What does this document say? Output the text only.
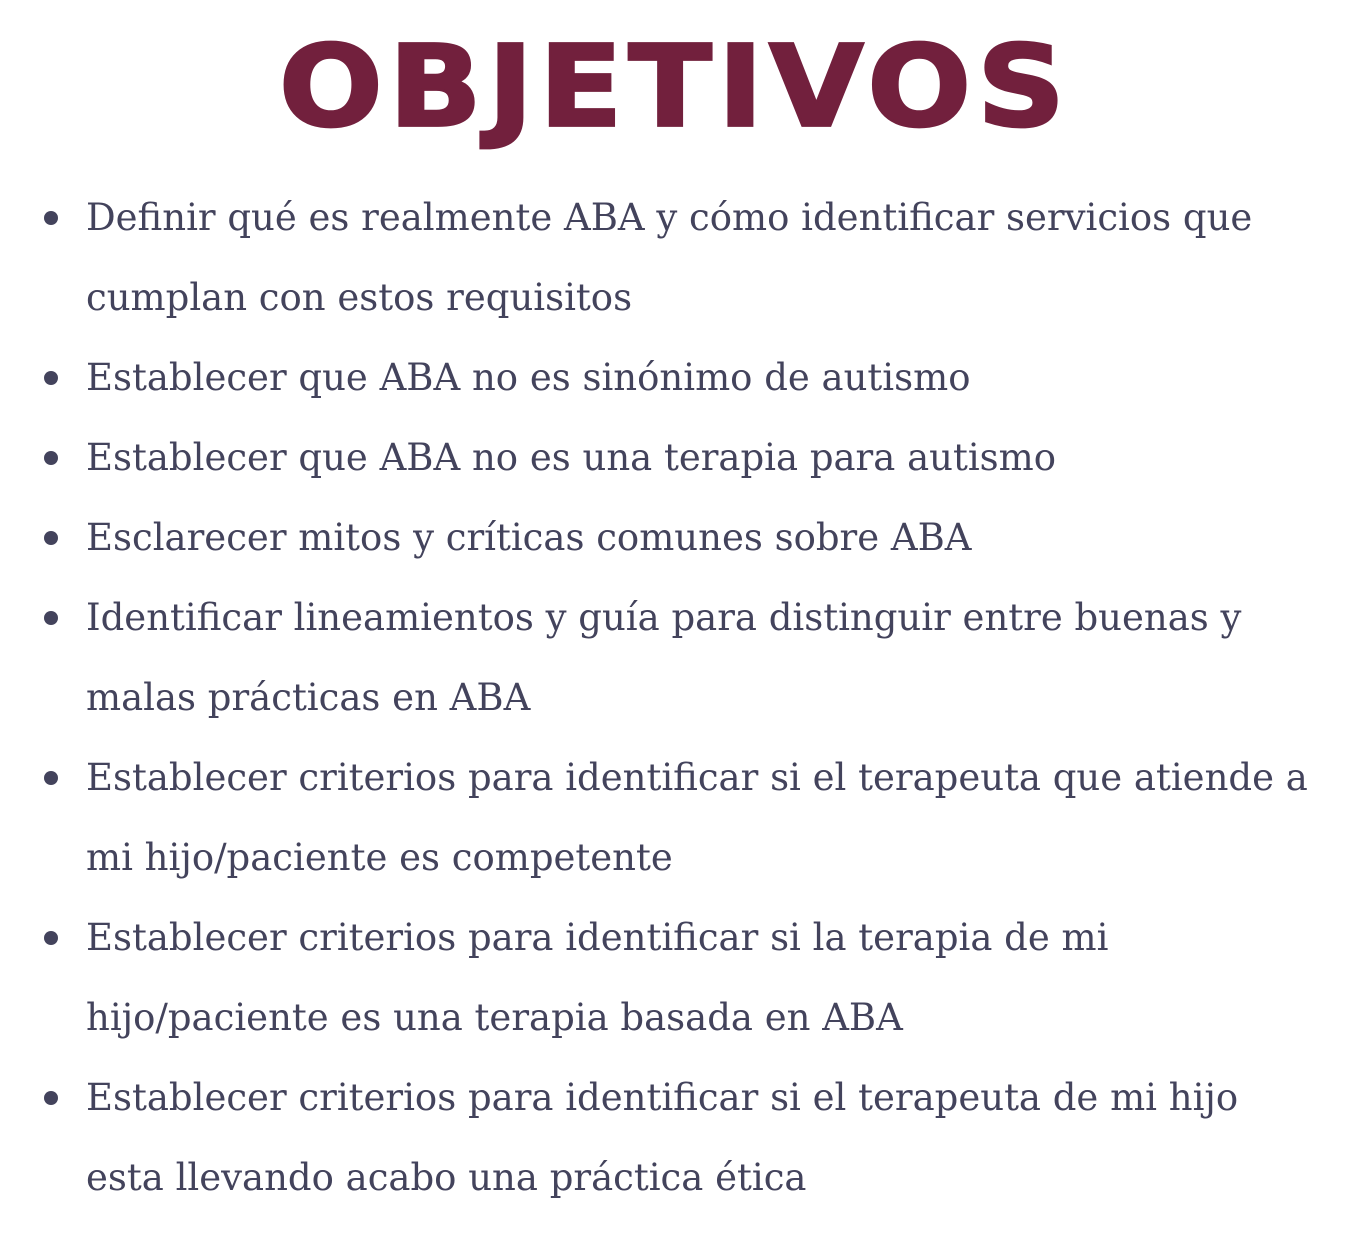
OBJETIVOS
Definir qué es realmente ABA y cómo identificar servicios que cumplan con estos requisitos
Establecer que ABA no es sinónimo de autismo
Establecer que ABA no es una terapia para autismo
Esclarecer mitos y críticas comunes sobre ABA
Identificar lineamientos y guía para distinguir entre buenas y malas prácticas en ABA
Establecer criterios para identificar si el terapeuta que atiende a mi hijo/paciente es competente
Establecer criterios para identificar si la terapia de mi hijo/paciente es una terapia basada en ABA
Establecer criterios para identificar si el terapeuta de mi hijo esta llevando acabo una práctica ética
